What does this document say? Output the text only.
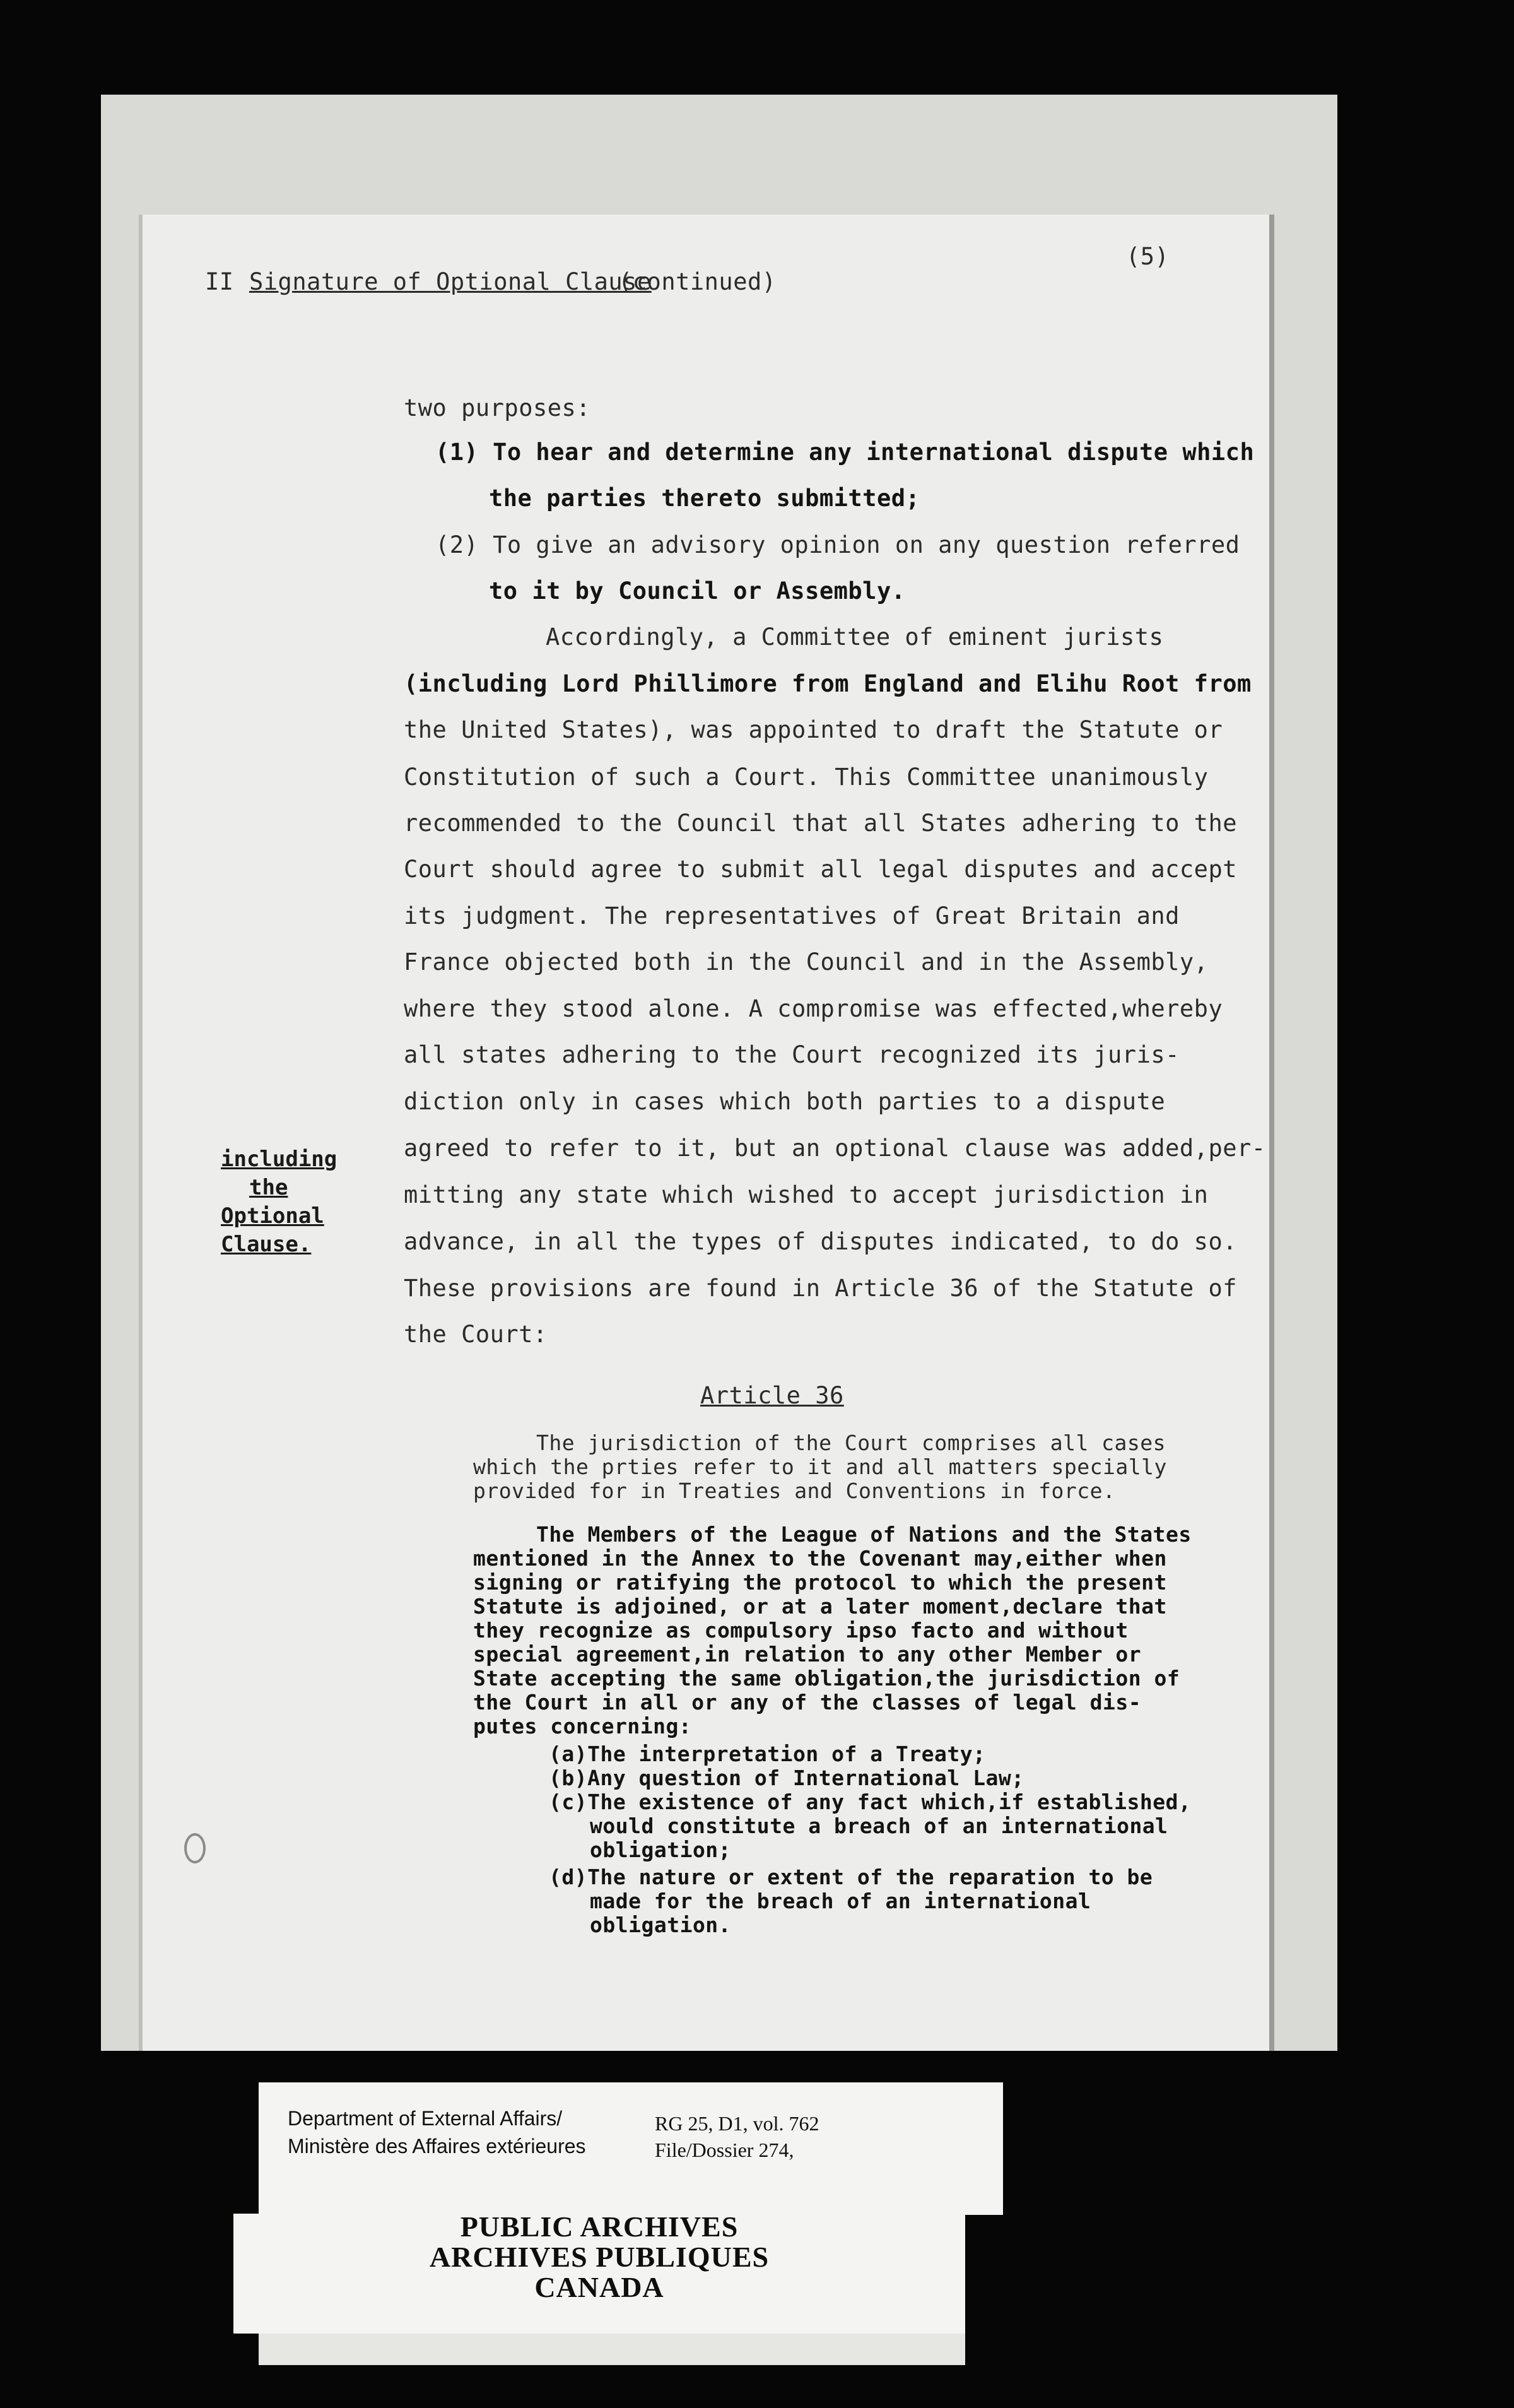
II Signature of Optional Clause
(continued)
(5)
two purposes:
(1) To hear and determine any international dispute which
the parties thereto submitted;
(2) To give an advisory opinion on any question referred
to it by Council or Assembly.
Accordingly, a Committee of eminent jurists
(including Lord Phillimore from England and Elihu Root from
the United States), was appointed to draft the Statute or
Constitution of such a Court. This Committee unanimously
recommended to the Council that all States adhering to the
Court should agree to submit all legal disputes and accept
its judgment. The representatives of Great Britain and
France objected both in the Council and in the Assembly,
where they stood alone. A compromise was effected,whereby
all states adhering to the Court recognized its juris-
diction only in cases which both parties to a dispute
agreed to refer to it, but an optional clause was added,per-
mitting any state which wished to accept jurisdiction in
advance, in all the types of disputes indicated, to do so.
These provisions are found in Article 36 of the Statute of
the Court:
including
the
Optional
Clause.
Article 36
The jurisdiction of the Court comprises all cases
which the prties refer to it and all matters specially
provided for in Treaties and Conventions in force.
The Members of the League of Nations and the States
mentioned in the Annex to the Covenant may,either when
signing or ratifying the protocol to which the present
Statute is adjoined, or at a later moment,declare that
they recognize as compulsory ipso facto and without
special agreement,in relation to any other Member or
State accepting the same obligation,the jurisdiction of
the Court in all or any of the classes of legal dis-
putes concerning:
(a)The interpretation of a Treaty;
(b)Any question of International Law;
(c)The existence of any fact which,if established,
would constitute a breach of an international
obligation;
(d)The nature or extent of the reparation to be
made for the breach of an international
obligation.
Department of External Affairs/
Ministère des Affaires extérieures
RG 25, D1, vol. 762
File/Dossier 274,
PUBLIC ARCHIVES
ARCHIVES PUBLIQUES
CANADA
